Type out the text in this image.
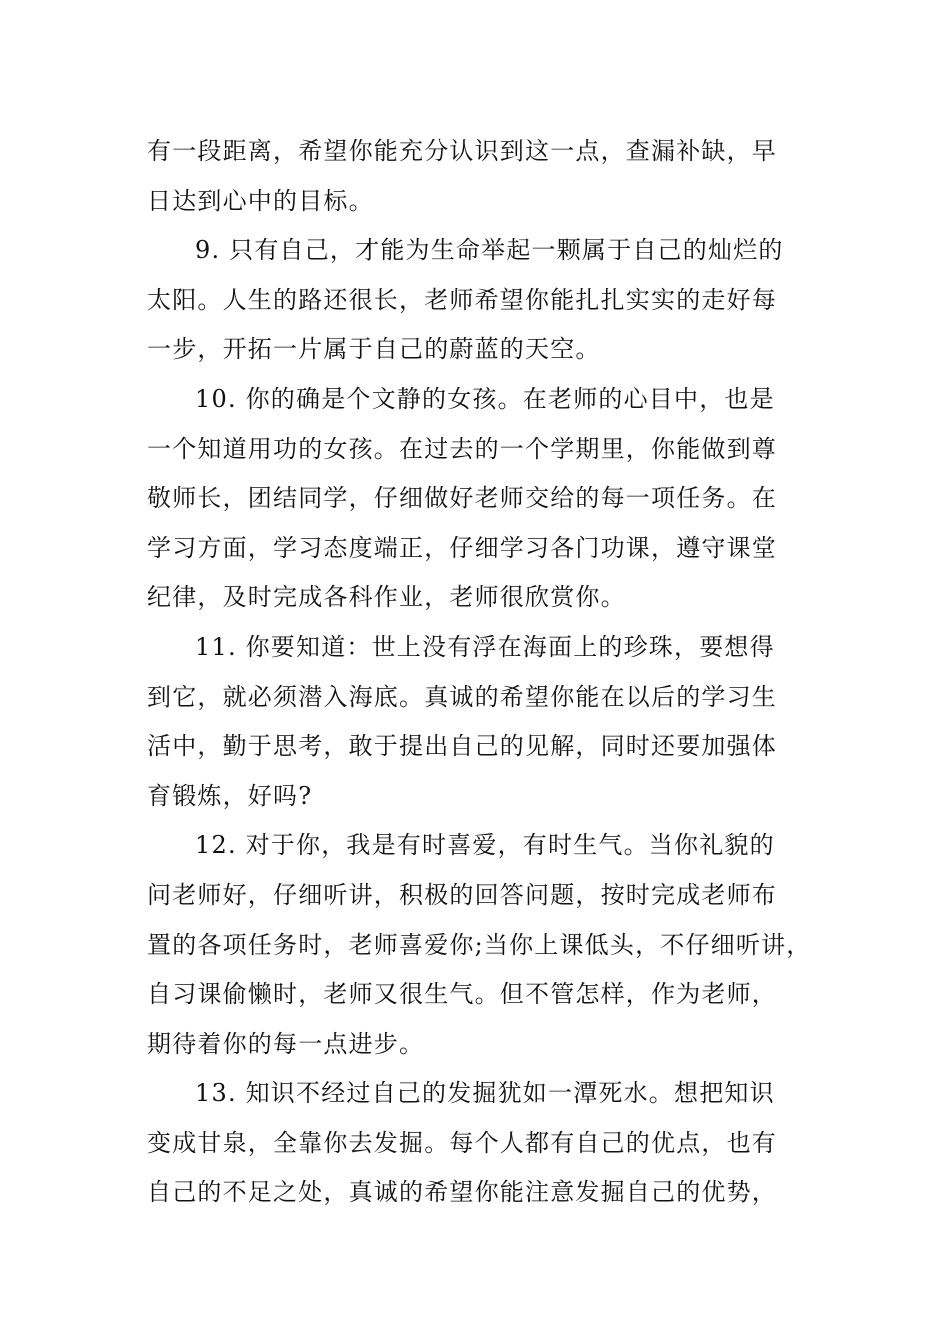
有一段距离，希望你能充分认识到这一点，查漏补缺，早
日达到心中的目标。
9. 只有自己，才能为生命举起一颗属于自己的灿烂的
太阳。人生的路还很长，老师希望你能扎扎实实的走好每
一步，开拓一片属于自己的蔚蓝的天空。
10. 你的确是个文静的女孩。在老师的心目中，也是
一个知道用功的女孩。在过去的一个学期里，你能做到尊
敬师长，团结同学，仔细做好老师交给的每一项任务。在
学习方面，学习态度端正，仔细学习各门功课，遵守课堂
纪律，及时完成各科作业，老师很欣赏你。
11. 你要知道：世上没有浮在海面上的珍珠，要想得
到它，就必须潜入海底。真诚的希望你能在以后的学习生
活中，勤于思考，敢于提出自己的见解，同时还要加强体
育锻炼，好吗?
12. 对于你，我是有时喜爱，有时生气。当你礼貌的
问老师好，仔细听讲，积极的回答问题，按时完成老师布
置的各项任务时，老师喜爱你;当你上课低头，不仔细听讲，
自习课偷懒时，老师又很生气。但不管怎样，作为老师，
期待着你的每一点进步。
13. 知识不经过自己的发掘犹如一潭死水。想把知识
变成甘泉，全靠你去发掘。每个人都有自己的优点，也有
自己的不足之处，真诚的希望你能注意发掘自己的优势，
